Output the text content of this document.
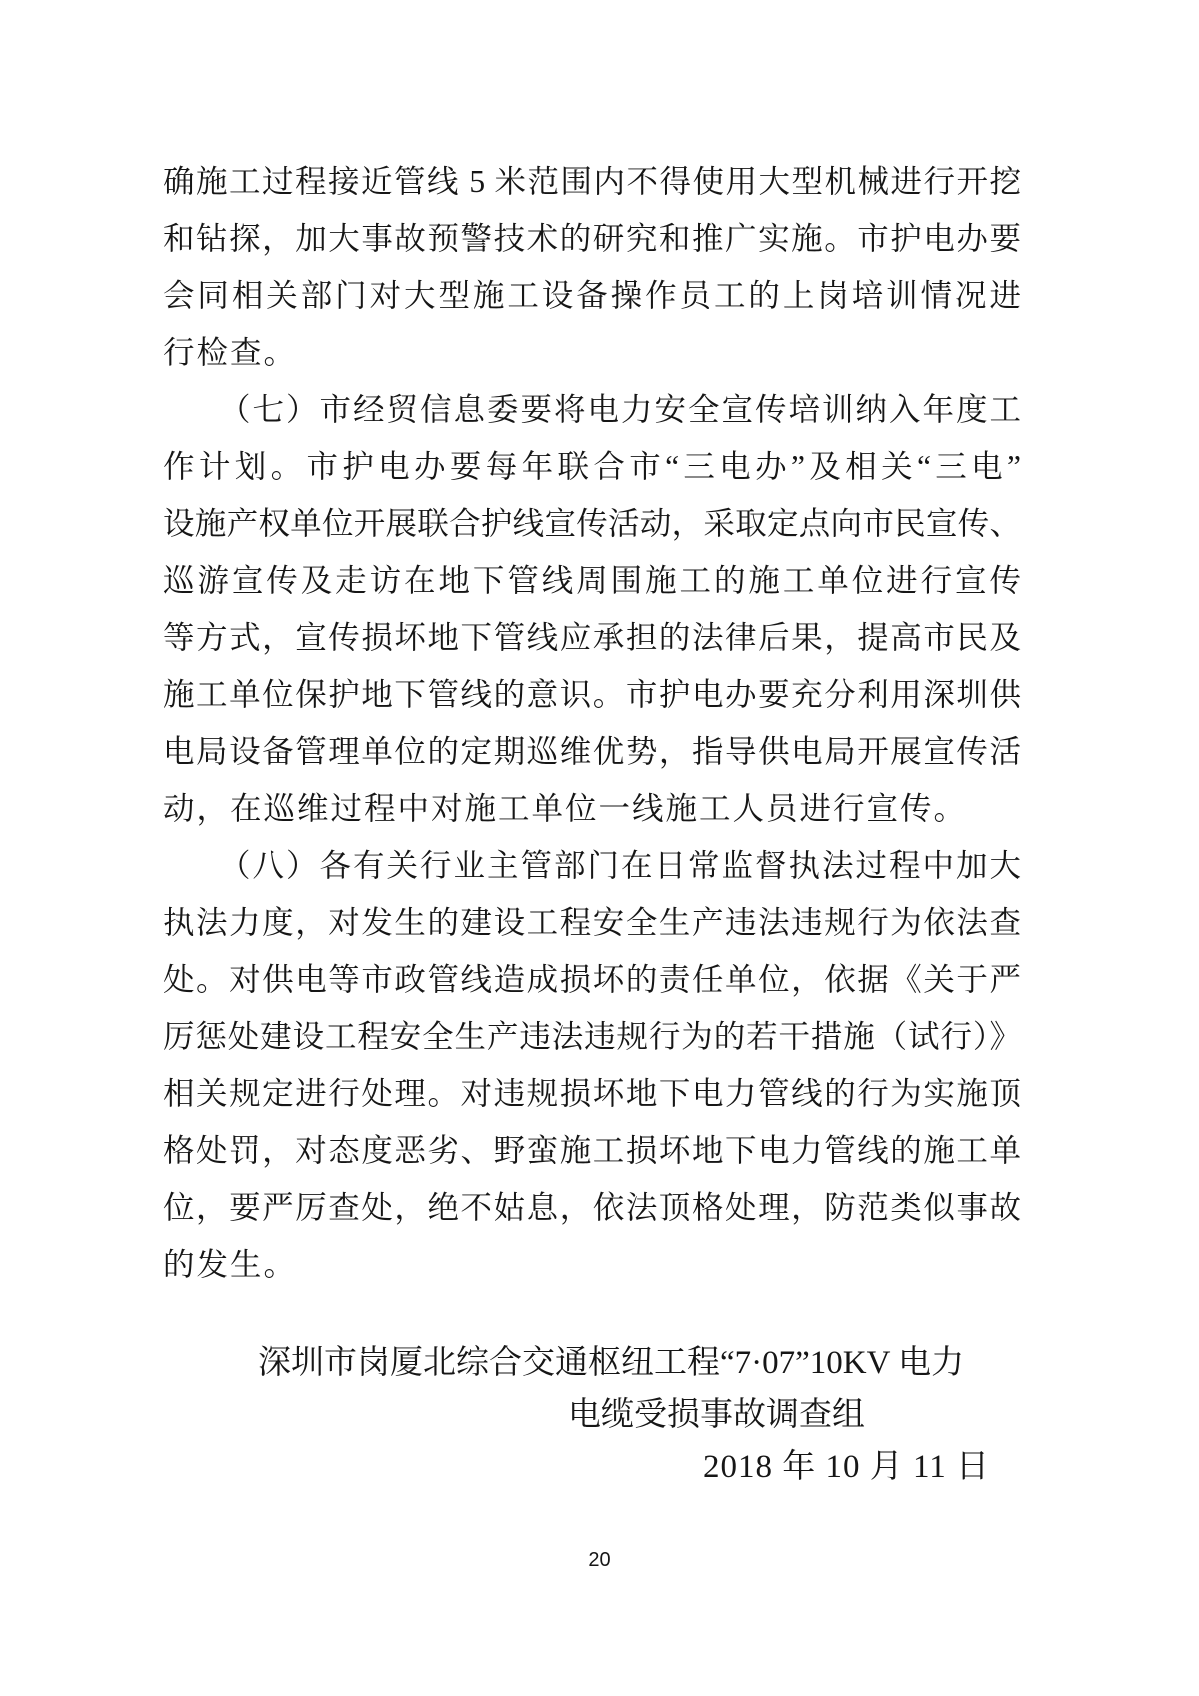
确施工过程接近管线 5 米范围内不得使用大型机械进行开挖
和钻探，加大事故预警技术的研究和推广实施。市护电办要
会同相关部门对大型施工设备操作员工的上岗培训情况进
行检查。
（七）市经贸信息委要将电力安全宣传培训纳入年度工
作计划。市护电办要每年联合市“三电办”及相关“三电”
设施产权单位开展联合护线宣传活动，采取定点向市民宣传、
巡游宣传及走访在地下管线周围施工的施工单位进行宣传
等方式，宣传损坏地下管线应承担的法律后果，提高市民及
施工单位保护地下管线的意识。市护电办要充分利用深圳供
电局设备管理单位的定期巡维优势，指导供电局开展宣传活
动，在巡维过程中对施工单位一线施工人员进行宣传。
（八）各有关行业主管部门在日常监督执法过程中加大
执法力度，对发生的建设工程安全生产违法违规行为依法查
处。对供电等市政管线造成损坏的责任单位，依据《关于严
厉惩处建设工程安全生产违法违规行为的若干措施（试行）》
相关规定进行处理。对违规损坏地下电力管线的行为实施顶
格处罚，对态度恶劣、野蛮施工损坏地下电力管线的施工单
位，要严厉查处，绝不姑息，依法顶格处理，防范类似事故
的发生。
深圳市岗厦北综合交通枢纽工程“7·07”10KV 电力
电缆受损事故调查组
2018 年 10 月 11 日
20
